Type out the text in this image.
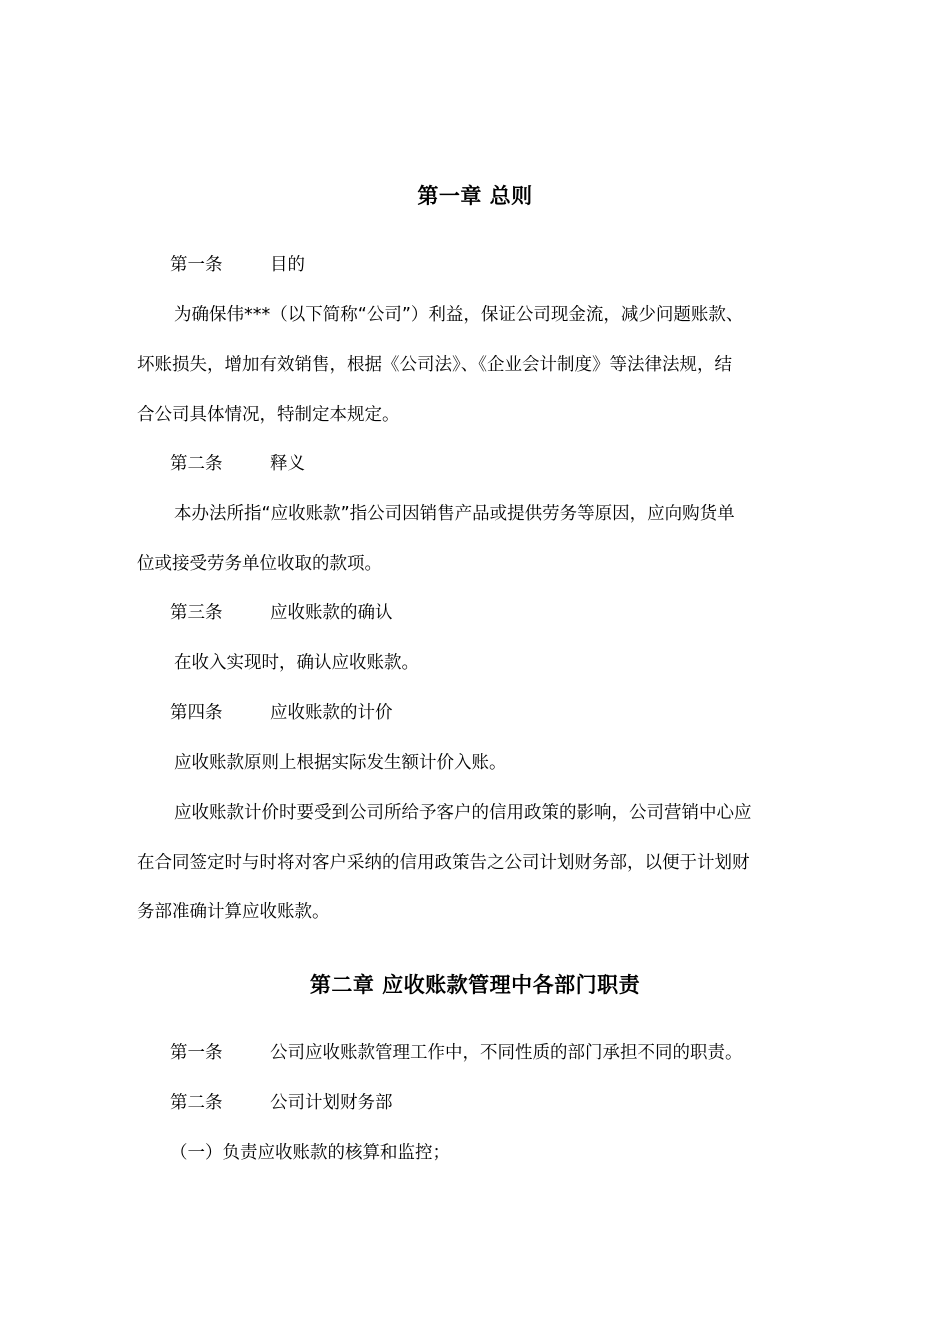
第一章 总则
第一条	目的
为确保伟***（以下简称“公司”）利益，保证公司现金流，减少问题账款、
坏账损失，增加有效销售，根据《公司法》、《企业会计制度》等法律法规，结
合公司具体情况，特制定本规定。
第二条	释义
本办法所指“应收账款”指公司因销售产品或提供劳务等原因，应向购货单
位或接受劳务单位收取的款项。
第三条	应收账款的确认
在收入实现时，确认应收账款。
第四条	应收账款的计价
应收账款原则上根据实际发生额计价入账。
应收账款计价时要受到公司所给予客户的信用政策的影响，公司营销中心应
在合同签定时与时将对客户采纳的信用政策告之公司计划财务部，以便于计划财
务部准确计算应收账款。
第二章 应收账款管理中各部门职责
第一条	公司应收账款管理工作中，不同性质的部门承担不同的职责。
第二条	公司计划财务部
（一）负责应收账款的核算和监控；
